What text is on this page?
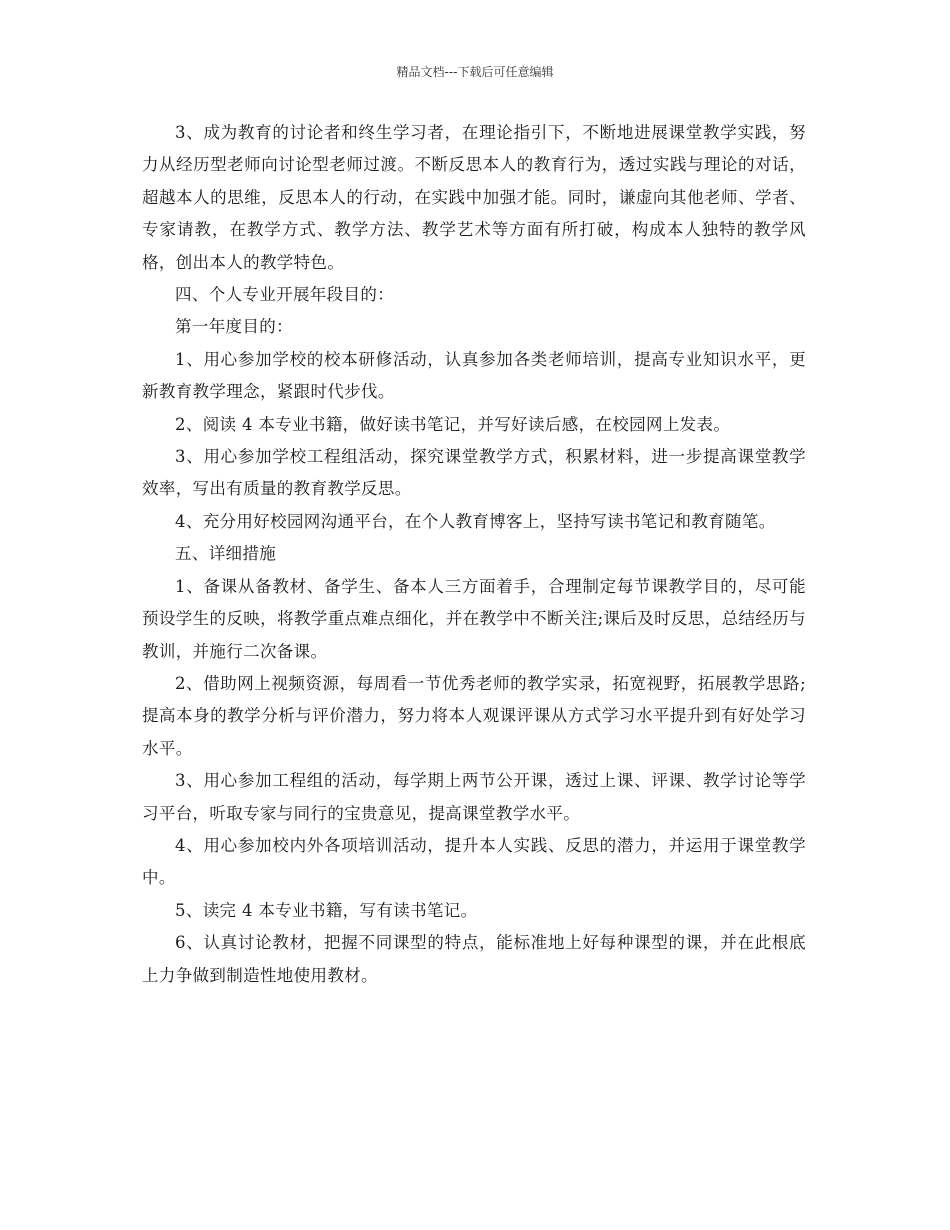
精品文档---下载后可任意编辑

3、成为教育的讨论者和终生学习者，在理论指引下，不断地进展课堂教学实践，努力从经历型老师向讨论型老师过渡。不断反思本人的教育行为，透过实践与理论的对话，超越本人的思维，反思本人的行动，在实践中加强才能。同时，谦虚向其他老师、学者、专家请教，在教学方式、教学方法、教学艺术等方面有所打破，构成本人独特的教学风格，创出本人的教学特色。

四、个人专业开展年段目的：

第一年度目的：

1、用心参加学校的校本研修活动，认真参加各类老师培训，提高专业知识水平，更新教育教学理念，紧跟时代步伐。

2、阅读 4 本专业书籍，做好读书笔记，并写好读后感，在校园网上发表。

3、用心参加学校工程组活动，探究课堂教学方式，积累材料，进一步提高课堂教学效率，写出有质量的教育教学反思。

4、充分用好校园网沟通平台，在个人教育博客上，坚持写读书笔记和教育随笔。

五、详细措施

1、备课从备教材、备学生、备本人三方面着手，合理制定每节课教学目的，尽可能预设学生的反映，将教学重点难点细化，并在教学中不断关注;课后及时反思，总结经历与教训，并施行二次备课。

2、借助网上视频资源，每周看一节优秀老师的教学实录，拓宽视野，拓展教学思路;提高本身的教学分析与评价潜力，努力将本人观课评课从方式学习水平提升到有好处学习水平。

3、用心参加工程组的活动，每学期上两节公开课，透过上课、评课、教学讨论等学习平台，听取专家与同行的宝贵意见，提高课堂教学水平。

4、用心参加校内外各项培训活动，提升本人实践、反思的潜力，并运用于课堂教学中。

5、读完 4 本专业书籍，写有读书笔记。

6、认真讨论教材，把握不同课型的特点，能标准地上好每种课型的课，并在此根底上力争做到制造性地使用教材。
